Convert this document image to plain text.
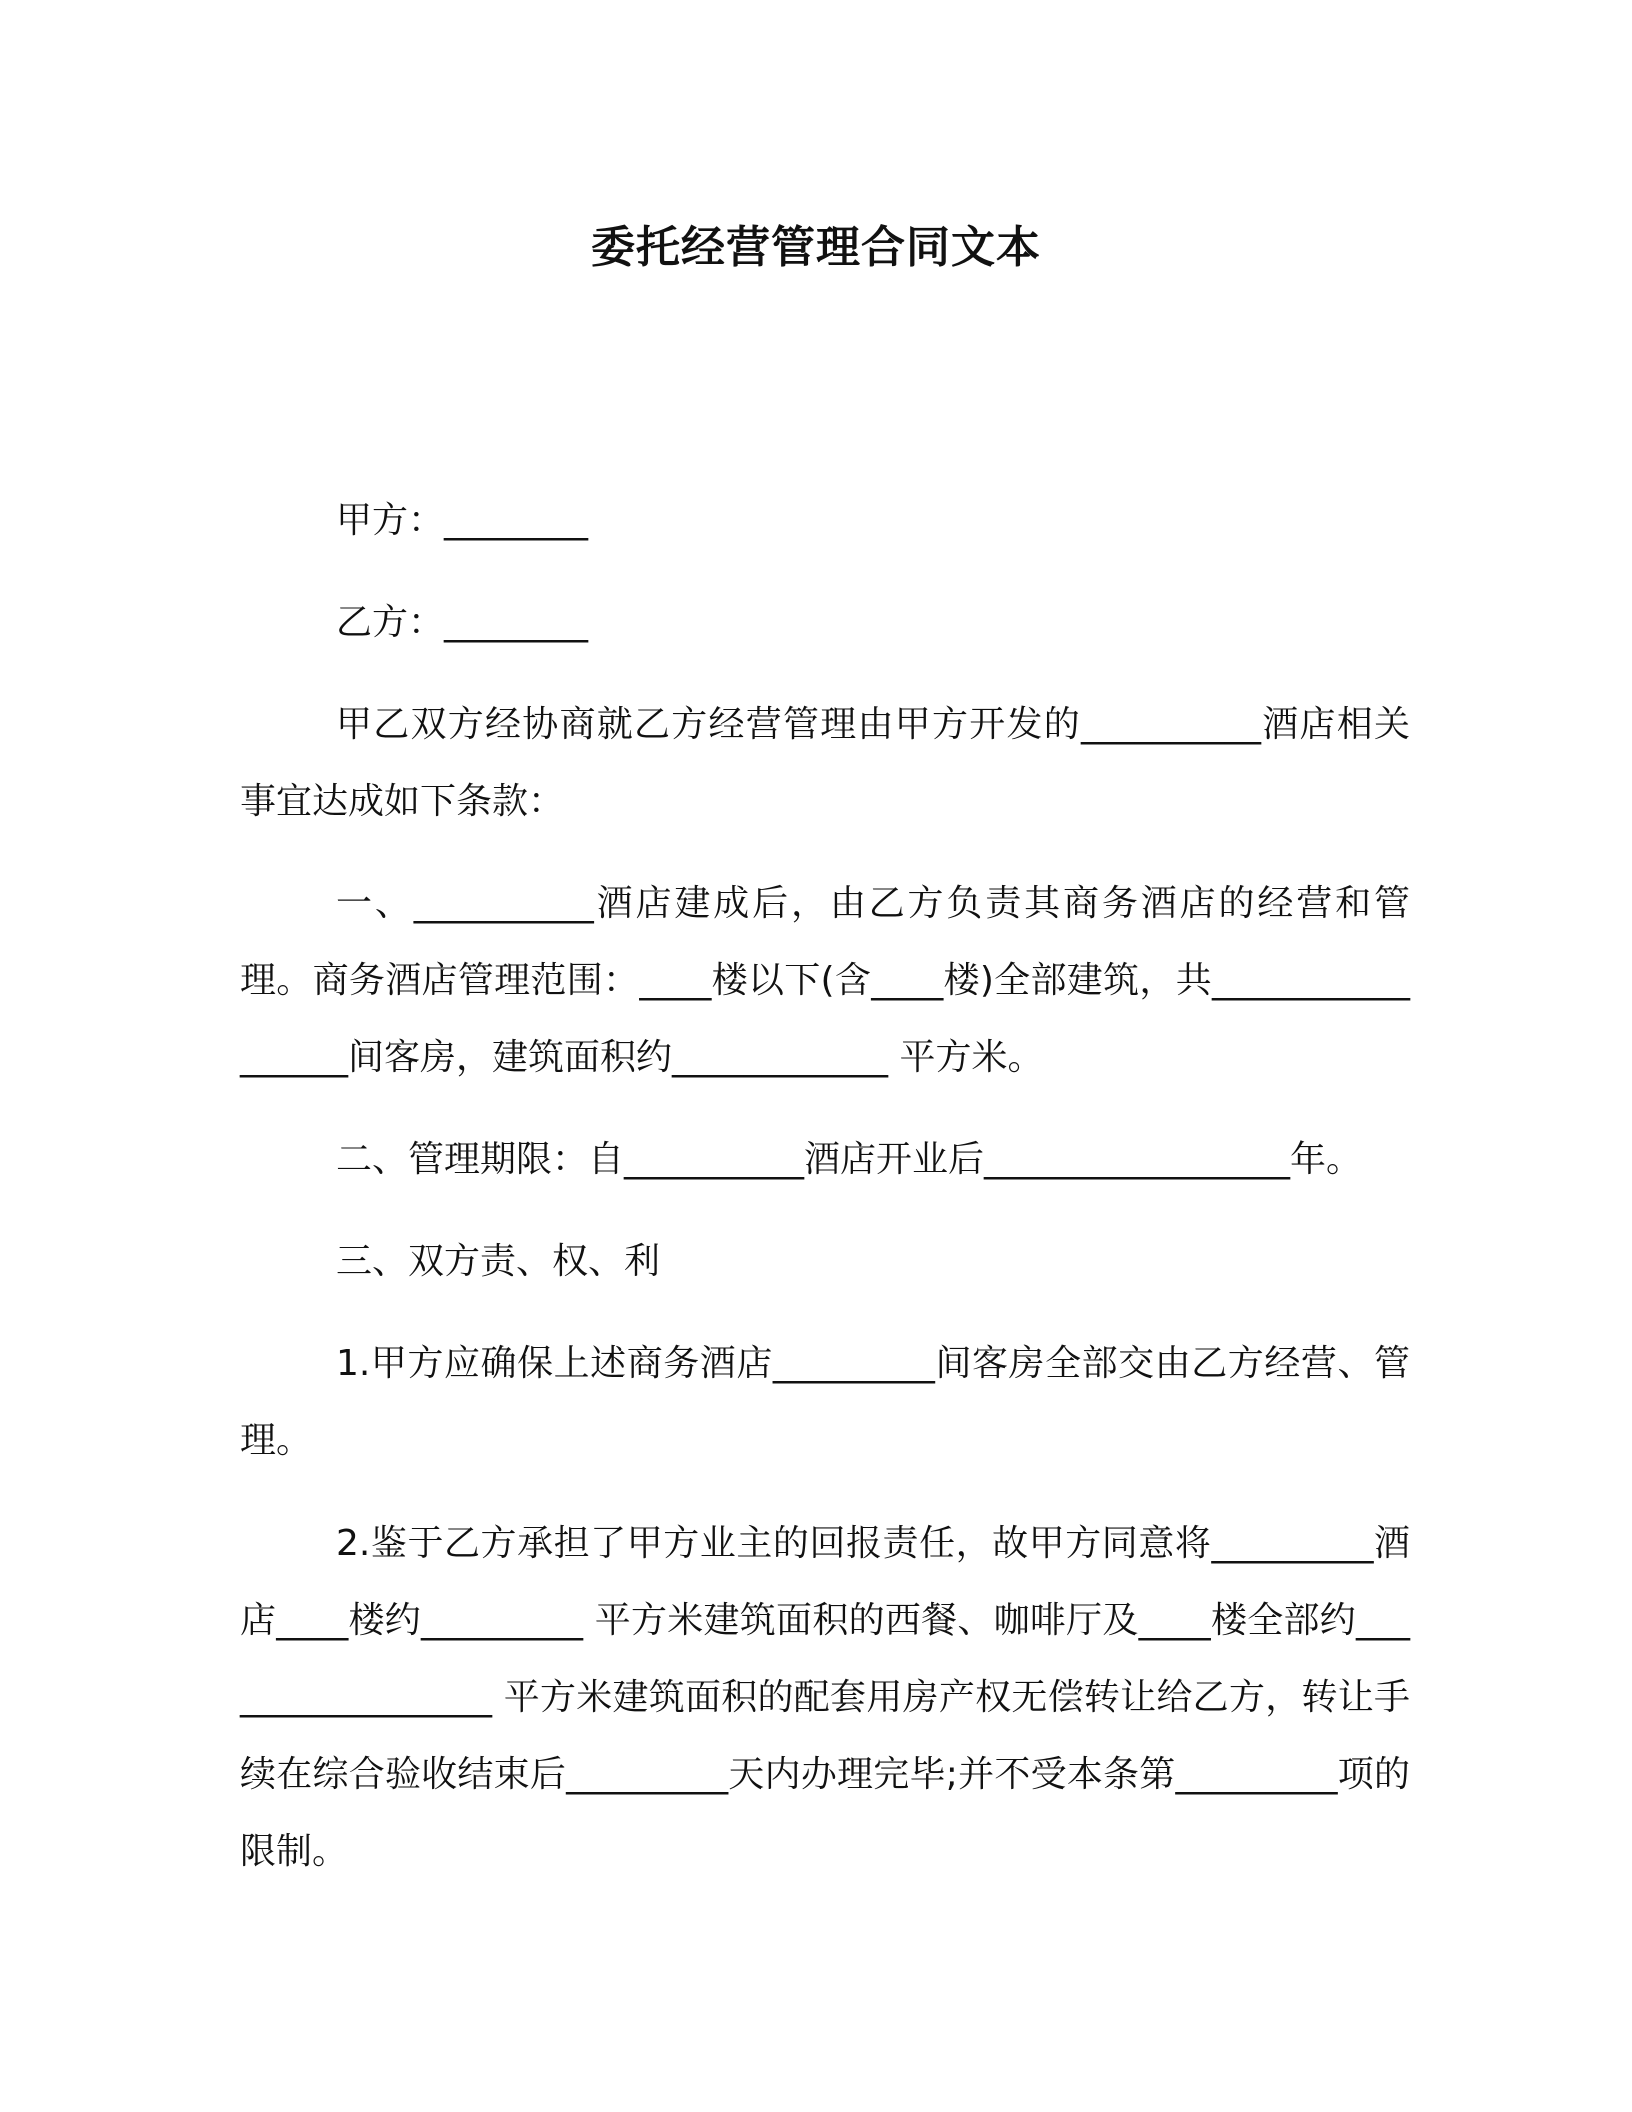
委托经营管理合同文本
甲方：________
乙方：________
甲乙双方经协商就乙方经营管理由甲方开发的__________酒店相关事宜达成如下条款：
一、__________酒店建成后，由乙方负责其商务酒店的经营和管理。商务酒店管理范围：____楼以下(含____楼)全部建筑，共_________________间客房，建筑面积约____________ 平方米。
二、管理期限：自__________酒店开业后_________________年。
三、双方责、权、利
1.甲方应确保上述商务酒店_________间客房全部交由乙方经营、管理。
2.鉴于乙方承担了甲方业主的回报责任，故甲方同意将_________酒店____楼约_________ 平方米建筑面积的西餐、咖啡厅及____楼全部约_________________ 平方米建筑面积的配套用房产权无偿转让给乙方，转让手续在综合验收结束后_________天内办理完毕;并不受本条第_________项的限制。
